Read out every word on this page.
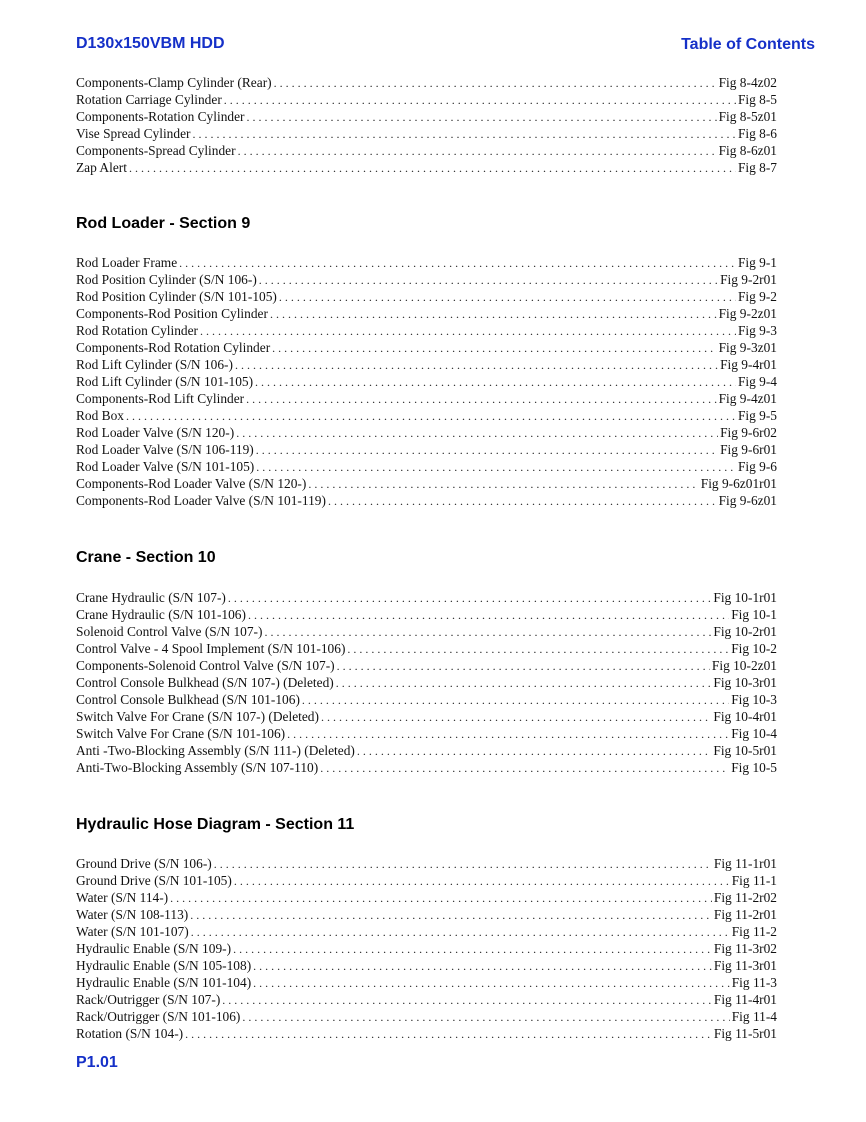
D130x150VBM HDD	Table of Contents
Components-Clamp Cylinder (Rear) . . .	Fig 8-4z02
Rotation Carriage Cylinder . . .	Fig 8-5
Components-Rotation Cylinder . . .	Fig 8-5z01
Vise Spread Cylinder . . .	Fig 8-6
Components-Spread Cylinder . . .	Fig 8-6z01
Zap Alert . . .	Fig 8-7
Rod Loader - Section 9
Rod Loader Frame . . .	Fig 9-1
Rod Position Cylinder (S/N 106-) . . .	Fig 9-2r01
Rod Position Cylinder (S/N 101-105) . . .	Fig 9-2
Components-Rod Position Cylinder . . .	Fig 9-2z01
Rod Rotation Cylinder . . .	Fig 9-3
Components-Rod Rotation Cylinder . . .	Fig 9-3z01
Rod Lift Cylinder (S/N 106-) . . .	Fig 9-4r01
Rod Lift Cylinder (S/N 101-105) . . .	Fig 9-4
Components-Rod Lift Cylinder . . .	Fig 9-4z01
Rod Box . . .	Fig 9-5
Rod Loader Valve (S/N 120-) . . .	Fig 9-6r02
Rod Loader Valve (S/N 106-119) . . .	Fig 9-6r01
Rod Loader Valve (S/N 101-105) . . .	Fig 9-6
Components-Rod Loader Valve (S/N 120-) . . .	Fig 9-6z01r01
Components-Rod Loader Valve (S/N 101-119) . . .	Fig 9-6z01
Crane - Section 10
Crane Hydraulic (S/N 107-) . . .	Fig 10-1r01
Crane Hydraulic (S/N 101-106) . . .	Fig 10-1
Solenoid Control Valve (S/N 107-) . . .	Fig 10-2r01
Control Valve - 4 Spool Implement (S/N 101-106) . . .	Fig 10-2
Components-Solenoid Control Valve (S/N 107-) . . .	Fig 10-2z01
Control Console Bulkhead (S/N 107-) (Deleted) . . .	Fig 10-3r01
Control Console Bulkhead (S/N 101-106) . . .	Fig 10-3
Switch Valve For Crane (S/N 107-) (Deleted) . . .	Fig 10-4r01
Switch Valve For Crane (S/N 101-106) . . .	Fig 10-4
Anti -Two-Blocking Assembly (S/N 111-) (Deleted) . . .	Fig 10-5r01
Anti-Two-Blocking Assembly (S/N 107-110) . . .	Fig 10-5
Hydraulic Hose Diagram - Section 11
Ground Drive (S/N 106-) . . .	Fig 11-1r01
Ground Drive (S/N 101-105) . . .	Fig 11-1
Water (S/N 114-) . . .	Fig 11-2r02
Water (S/N 108-113) . . .	Fig 11-2r01
Water (S/N 101-107) . . .	Fig 11-2
Hydraulic Enable (S/N 109-) . . .	Fig 11-3r02
Hydraulic Enable (S/N 105-108) . . .	Fig 11-3r01
Hydraulic Enable (S/N 101-104) . . .	Fig 11-3
Rack/Outrigger (S/N 107-) . . .	Fig 11-4r01
Rack/Outrigger (S/N 101-106) . . .	Fig 11-4
Rotation (S/N 104-) . . .	Fig 11-5r01
P1.01
